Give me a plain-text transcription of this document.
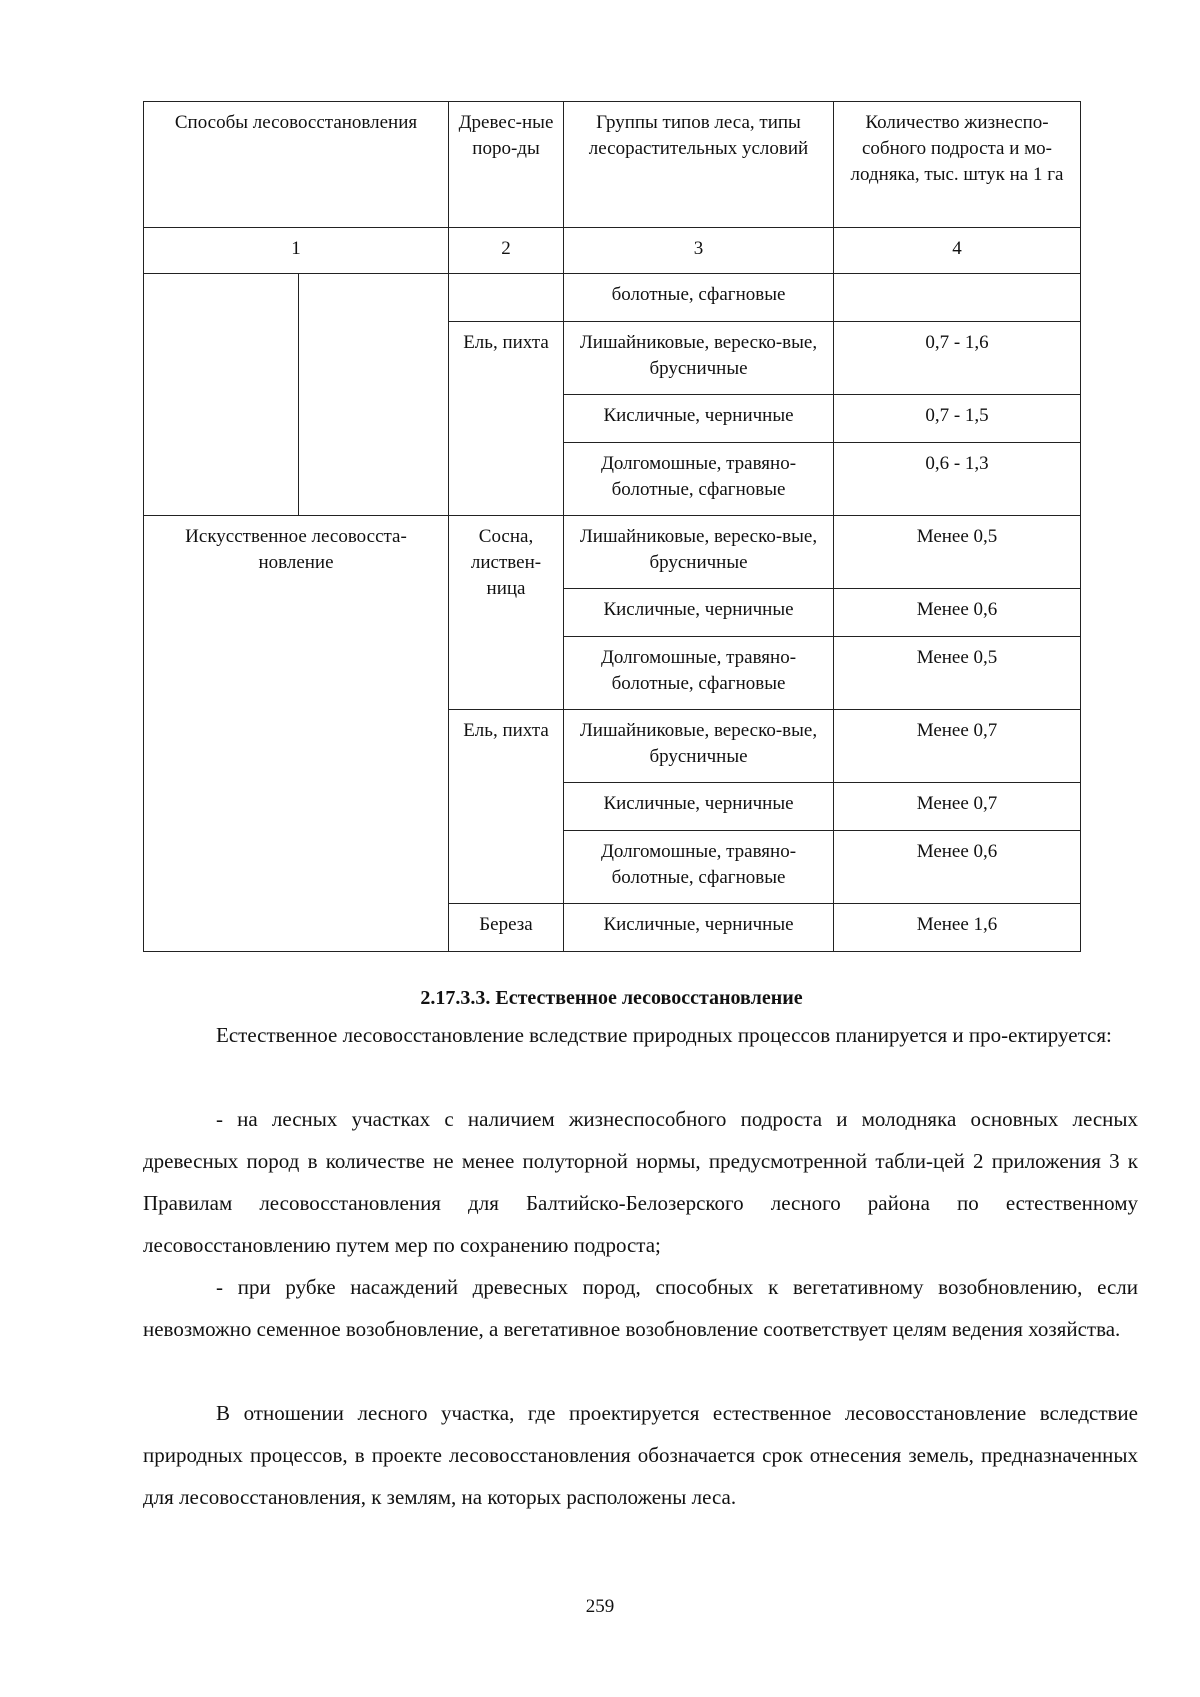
Способы лесовосстановления		Древес-ные поро-ды	Группы типов леса, типы лесорастительных условий	Количество жизнеспо-собного подроста и мо-лодняка, тыс. штук на 1 га
1		2	3	4
			болотные, сфагновые	
		Ель, пихта	Лишайниковые, вереско-вые, брусничные	0,7 - 1,6
			Кисличные, черничные	0,7 - 1,5
			Долгомошные, травяно-болотные, сфагновые	0,6 - 1,3
Искусственное лесовосста-новление		Сосна, листвен-ница	Лишайниковые, вереско-вые, брусничные	Менее 0,5
			Кисличные, черничные	Менее 0,6
			Долгомошные, травяно-болотные, сфагновые	Менее 0,5
		Ель, пихта	Лишайниковые, вереско-вые, брусничные	Менее 0,7
			Кисличные, черничные	Менее 0,7
			Долгомошные, травяно-болотные, сфагновые	Менее 0,6
		Береза	Кисличные, черничные	Менее 1,6
2.17.3.3. Естественное лесовосстановление

Естественное лесовосстановление вследствие природных процессов планируется и про-ектируется:

- на лесных участках с наличием жизнеспособного подроста и молодняка основных лесных древесных пород в количестве не менее полуторной нормы, предусмотренной табли-цей 2 приложения 3 к Правилам лесовосстановления для Балтийско-Белозерского лесного района по естественному лесовосстановлению путем мер по сохранению подроста;

- при рубке насаждений древесных пород, способных к вегетативному возобновлению, если невозможно семенное возобновление, а вегетативное возобновление соответствует целям ведения хозяйства.

В отношении лесного участка, где проектируется естественное лесовосстановление вследствие природных процессов, в проекте лесовосстановления обозначается срок отнесения земель, предназначенных для лесовосстановления, к землям, на которых расположены леса.

259
